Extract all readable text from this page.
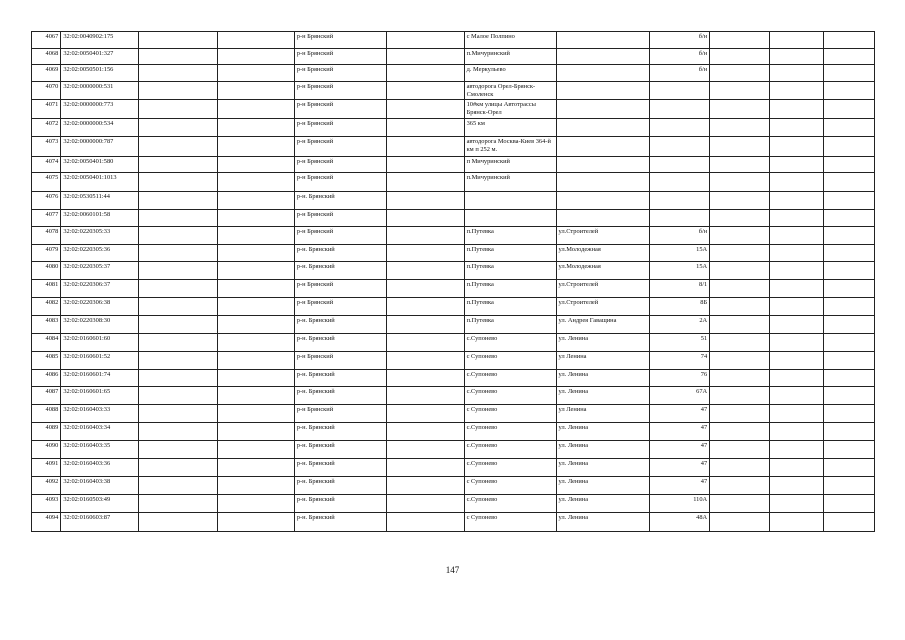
4067	32:02:0040902:175			р-н Брянский		с Малое Полпино		б/н			
4068	32:02:0050401:327			р-н Брянский		п.Мичуринский		б/н			
4069	32:02:0050501:156			р-н Брянский		д. Меркульево		б/н			
4070	32:02:0000000:531			р-н Брянский		автодорога Орел-Брянск-Смоленск					
4071	32:02:0000000:773			р-н Брянский		10#км улицы Автотрассы Брянск-Орел					
4072	32:02:0000000:534			р-н Брянский		365 км					
4073	32:02:0000000:787			р-н Брянский		автодорога Москва-Киев 364-й км п 252 м.					
4074	32:02:0050401:580			р-н Брянский		п Мичуринский					
4075	32:02:0050401:1013			р-н Брянский		п.Мичуринский					
4076	32:02:0530511:44			р-н. Брянский							
4077	32:02:0060101:58			р-н Брянский							
4078	32:02:0220305:33			р-н Брянский		п.Путевка	ул.Строителей	б/н			
4079	32:02:0220305:36			р-н. Брянский		п.Путевка	ул.Молодежная	15А			
4080	32:02:0220305:37			р-н. Брянский		п.Путевка	ул.Молодежная	15А			
4081	32:02:0220306:37			р-н Брянский		п.Путевка	ул.Строителей	8/1			
4082	32:02:0220306:38			р-н Брянский		п.Путевка	ул.Строителей	8Б			
4083	32:02:0220308:30			р-н. Брянский		п.Путевка	ул. Андрея Гаващина	2А			
4084	32:02:0160601:60			р-н. Брянский		с.Супонево	ул. Ленина	51			
4085	32:02:0160601:52			р-н Брянский		с Супонево	ул Ленина	74			
4086	32:02:0160601:74			р-н. Брянский		с.Супонево	ул. Ленина	76			
4087	32:02:0160601:65			р-н. Брянский		с.Супонево	ул. Ленина	67А			
4088	32:02:0160403:33			р-н Брянский		с Супонево	ул Ленина	47			
4089	32:02:0160403:34			р-н. Брянский		с.Супонево	ул. Ленина	47			
4090	32:02:0160403:35			р-н. Брянский		с.Супонево	ул. Ленина	47			
4091	32:02:0160403:36			р-н. Брянский		с.Супонево	ул. Ленина	47			
4092	32:02:0160403:38			р-н. Брянский		с Супонево	ул. Ленина	47			
4093	32:02:0160503:49			р-н. Брянский		с.Супонево	ул. Ленина	110А			
4094	32:02:0160603:87			р-н. Брянский		с Супонево	ул. Ленина	48А			
147
